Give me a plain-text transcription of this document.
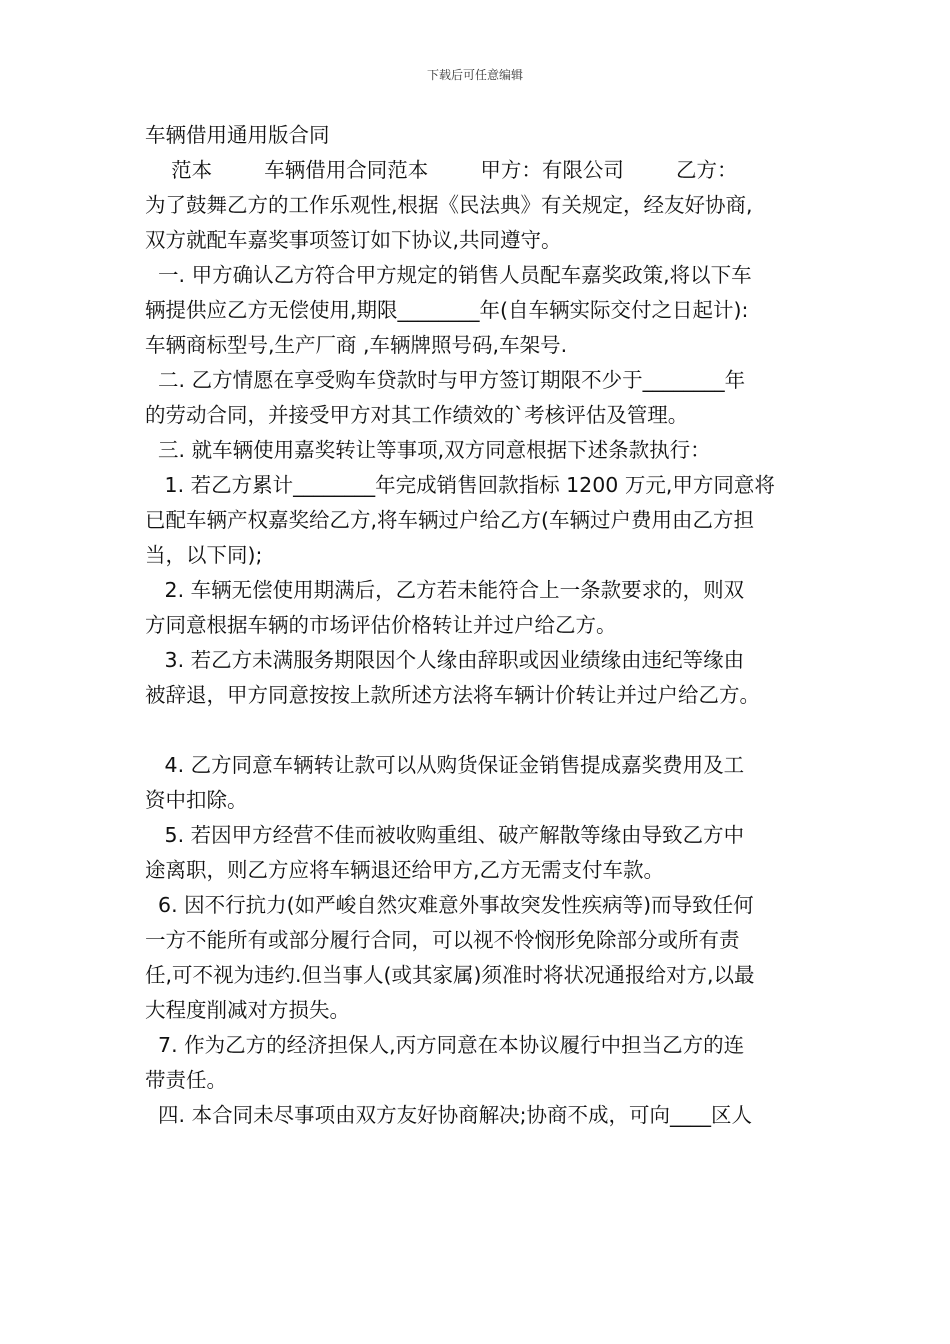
下载后可任意编辑
车辆借用通用版合同
范本        车辆借用合同范本        甲方：有限公司        乙方：
为了鼓舞乙方的工作乐观性,根据《民法典》有关规定，经友好协商,
双方就配车嘉奖事项签订如下协议,共同遵守。
一. 甲方确认乙方符合甲方规定的销售人员配车嘉奖政策,将以下车
辆提供应乙方无偿使用,期限________年(自车辆实际交付之日起计):
车辆商标型号,生产厂商 ,车辆牌照号码,车架号.
二. 乙方情愿在享受购车贷款时与甲方签订期限不少于________年
的劳动合同，并接受甲方对其工作绩效的`考核评估及管理。
三. 就车辆使用嘉奖转让等事项,双方同意根据下述条款执行：
1. 若乙方累计________年完成销售回款指标 1200 万元,甲方同意将
已配车辆产权嘉奖给乙方,将车辆过户给乙方(车辆过户费用由乙方担
当，以下同);
2. 车辆无偿使用期满后，乙方若未能符合上一条款要求的，则双
方同意根据车辆的市场评估价格转让并过户给乙方。
3. 若乙方未满服务期限因个人缘由辞职或因业绩缘由违纪等缘由
被辞退，甲方同意按按上款所述方法将车辆计价转让并过户给乙方。
4. 乙方同意车辆转让款可以从购货保证金销售提成嘉奖费用及工
资中扣除。
5. 若因甲方经营不佳而被收购重组、破产解散等缘由导致乙方中
途离职，则乙方应将车辆退还给甲方,乙方无需支付车款。
6. 因不行抗力(如严峻自然灾难意外事故突发性疾病等)而导致任何
一方不能所有或部分履行合同，可以视不怜悯形免除部分或所有责
任,可不视为违约.但当事人(或其家属)须准时将状况通报给对方,以最
大程度削减对方损失。
7. 作为乙方的经济担保人,丙方同意在本协议履行中担当乙方的连
带责任。
四. 本合同未尽事项由双方友好协商解决;协商不成，可向____区人
